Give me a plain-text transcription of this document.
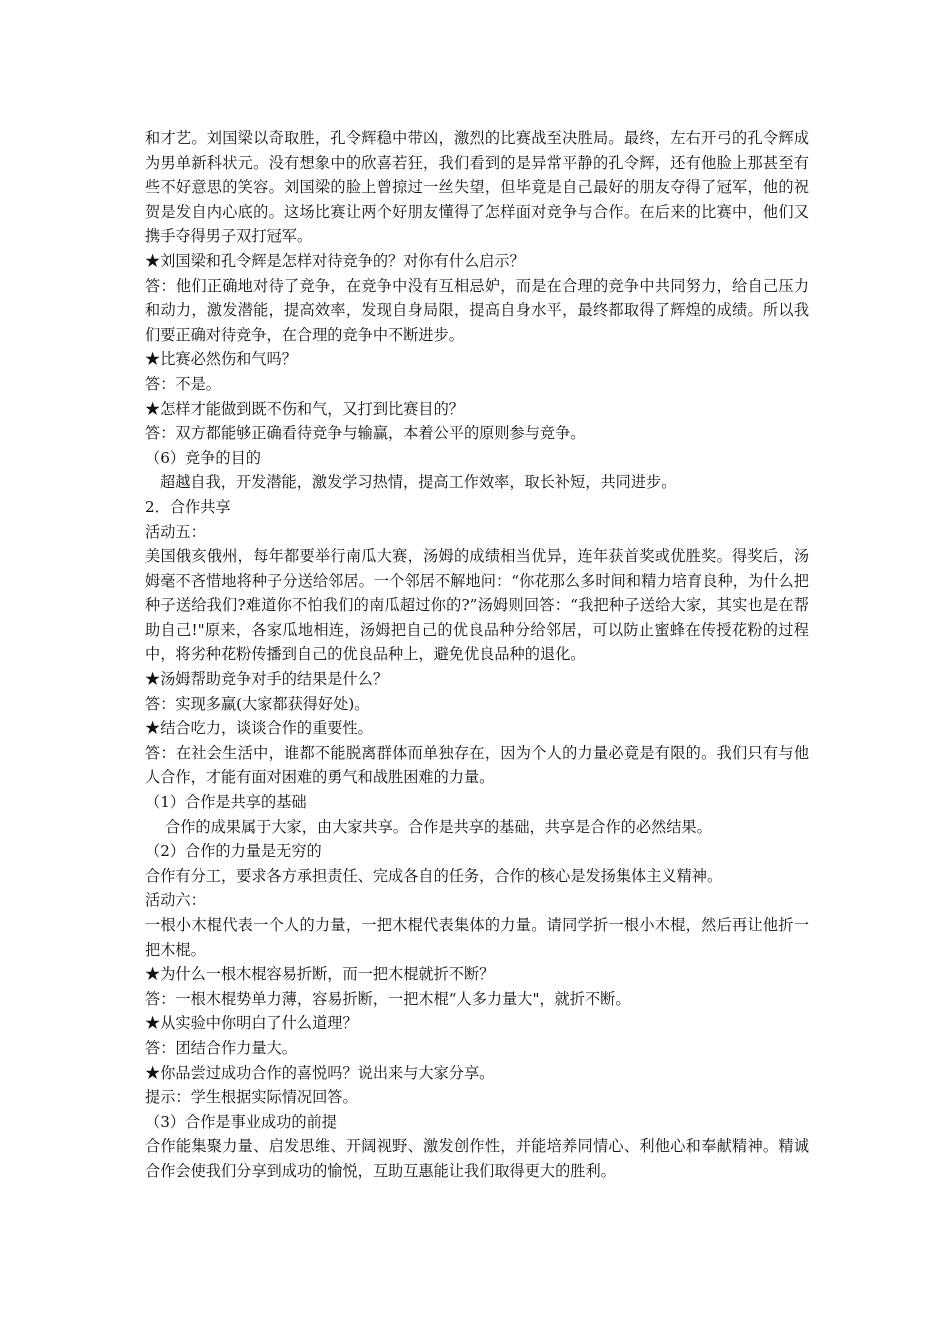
和才艺。刘国梁以奇取胜，孔令辉稳中带凶，激烈的比赛战至决胜局。最终，左右开弓的孔令辉成为男单新科状元。没有想象中的欣喜若狂，我们看到的是异常平静的孔令辉，还有他脸上那甚至有些不好意思的笑容。刘国梁的脸上曾掠过一丝失望，但毕竟是自己最好的朋友夺得了冠军，他的祝贺是发自内心底的。这场比赛让两个好朋友懂得了怎样面对竞争与合作。在后来的比赛中，他们又携手夺得男子双打冠军。

★刘国梁和孔令辉是怎样对待竞争的？对你有什么启示？

答：他们正确地对待了竞争，在竞争中没有互相忌妒，而是在合理的竞争中共同努力，给自己压力和动力，激发潜能，提高效率，发现自身局限，提高自身水平，最终都取得了辉煌的成绩。所以我们要正确对待竞争，在合理的竞争中不断进步。

★比赛必然伤和气吗？

答：不是。

★怎样才能做到既不伤和气，又打到比赛目的？

答：双方都能够正确看待竞争与输赢，本着公平的原则参与竞争。

（6）竞争的目的

超越自我，开发潜能，激发学习热情，提高工作效率，取长补短，共同进步。

2．合作共享

活动五：

美国俄亥俄州，每年都要举行南瓜大赛，汤姆的成绩相当优异，连年获首奖或优胜奖。得奖后，汤姆毫不吝惜地将种子分送给邻居。一个邻居不解地问：“你花那么多时间和精力培育良种，为什么把种子送给我们?难道你不怕我们的南瓜超过你的?”汤姆则回答：“我把种子送给大家，其实也是在帮助自己!"原来，各家瓜地相连，汤姆把自己的优良品种分给邻居，可以防止蜜蜂在传授花粉的过程中，将劣种花粉传播到自己的优良品种上，避免优良品种的退化。

★汤姆帮助竞争对手的结果是什么？

答：实现多赢(大家都获得好处)。

★结合吃力，谈谈合作的重要性。

答：在社会生活中，谁都不能脱离群体而单独存在，因为个人的力量必竟是有限的。我们只有与他人合作，才能有面对困难的勇气和战胜困难的力量。

（1）合作是共享的基础

合作的成果属于大家，由大家共享。合作是共享的基础，共享是合作的必然结果。

（2）合作的力量是无穷的

合作有分工，要求各方承担责任、完成各自的任务，合作的核心是发扬集体主义精神。

活动六：

一根小木棍代表一个人的力量，一把木棍代表集体的力量。请同学折一根小木棍，然后再让他折一把木棍。

★为什么一根木棍容易折断，而一把木棍就折不断？

答：一根木棍势单力薄，容易折断，一把木棍“人多力量大"，就折不断。

★从实验中你明白了什么道理？

答：团结合作力量大。

★你品尝过成功合作的喜悦吗？说出来与大家分享。

提示：学生根据实际情况回答。

（3）合作是事业成功的前提

合作能集聚力量、启发思维、开阔视野、激发创作性，并能培养同情心、利他心和奉献精神。精诚合作会使我们分享到成功的愉悦，互助互惠能让我们取得更大的胜利。
